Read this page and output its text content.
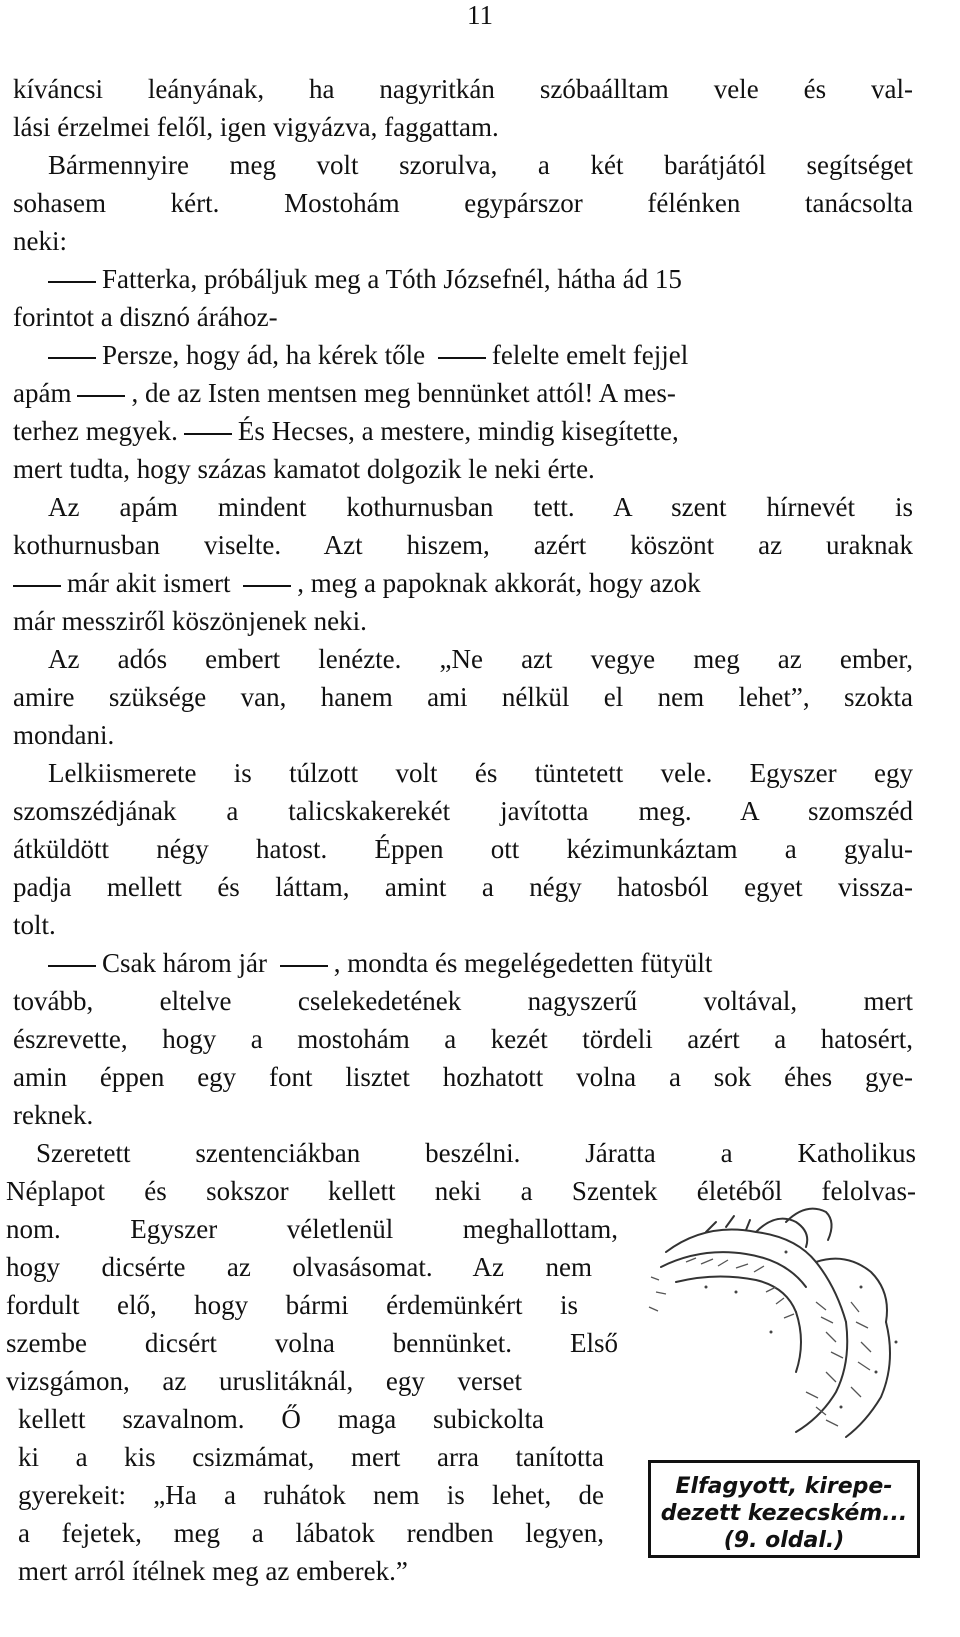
11
kíváncsi leányának, ha nagyritkán szóbaálltam vele és val-
lási érzelmei felől, igen vigyázva, faggattam.
Bármennyire meg volt szorulva, a két barátjától segítséget
sohasem kért. Mostohám egypárszor félénken tanácsolta
neki:
Fatterka, próbáljuk meg a Tóth Józsefnél, hátha ád 15
forintot a disznó árához-
Persze, hogy ád, ha kérek tőle felelte emelt fejjel
apám , de az Isten mentsen meg bennünket attól! A mes-
terhez megyek. És Hecses, a mestere, mindig kisegítette,
mert tudta, hogy százas kamatot dolgozik le neki érte.
Az apám mindent kothurnusban tett. A szent hírnevét is
kothurnusban viselte. Azt hiszem, azért köszönt az uraknak
már akit ismert , meg a papoknak akkorát, hogy azok
már messziről köszönjenek neki.
Az adós embert lenézte. „Ne azt vegye meg az ember,
amire szüksége van, hanem ami nélkül el nem lehet”, szokta
mondani.
Lelkiismerete is túlzott volt és tüntetett vele. Egyszer egy
szomszédjának a talicskakerekét javította meg. A szomszéd
átküldött négy hatost. Éppen ott kézimunkáztam a gyalu-
padja mellett és láttam, amint a négy hatosból egyet vissza-
tolt.
Csak három jár , mondta és megelégedetten fütyült
tovább, eltelve cselekedetének nagyszerű voltával, mert
észrevette, hogy a mostohám a kezét tördeli azért a hatosért,
amin éppen egy font lisztet hozhatott volna a sok éhes gye-
reknek.
Szeretett szentenciákban beszélni. Járatta a Katholikus
Néplapot és sokszor kellett neki a Szentek életéből felolvas-
nom. Egyszer véletlenül meghallottam,
hogy dicsérte az olvasásomat. Az nem
fordult elő, hogy bármi érdemünkért is
szembe dicsért volna bennünket. Első
vizsgámon, az uruslitáknál, egy verset
kellett szavalnom. Ő maga subickolta
ki a kis csizmámat, mert arra tanította
gyerekeit: „Ha a ruhátok nem is lehet, de
a fejetek, meg a lábatok rendben legyen,
mert arról ítélnek meg az emberek.”
Elfagyott, kirepe-
dezett kezecském...
(9. oldal.)
